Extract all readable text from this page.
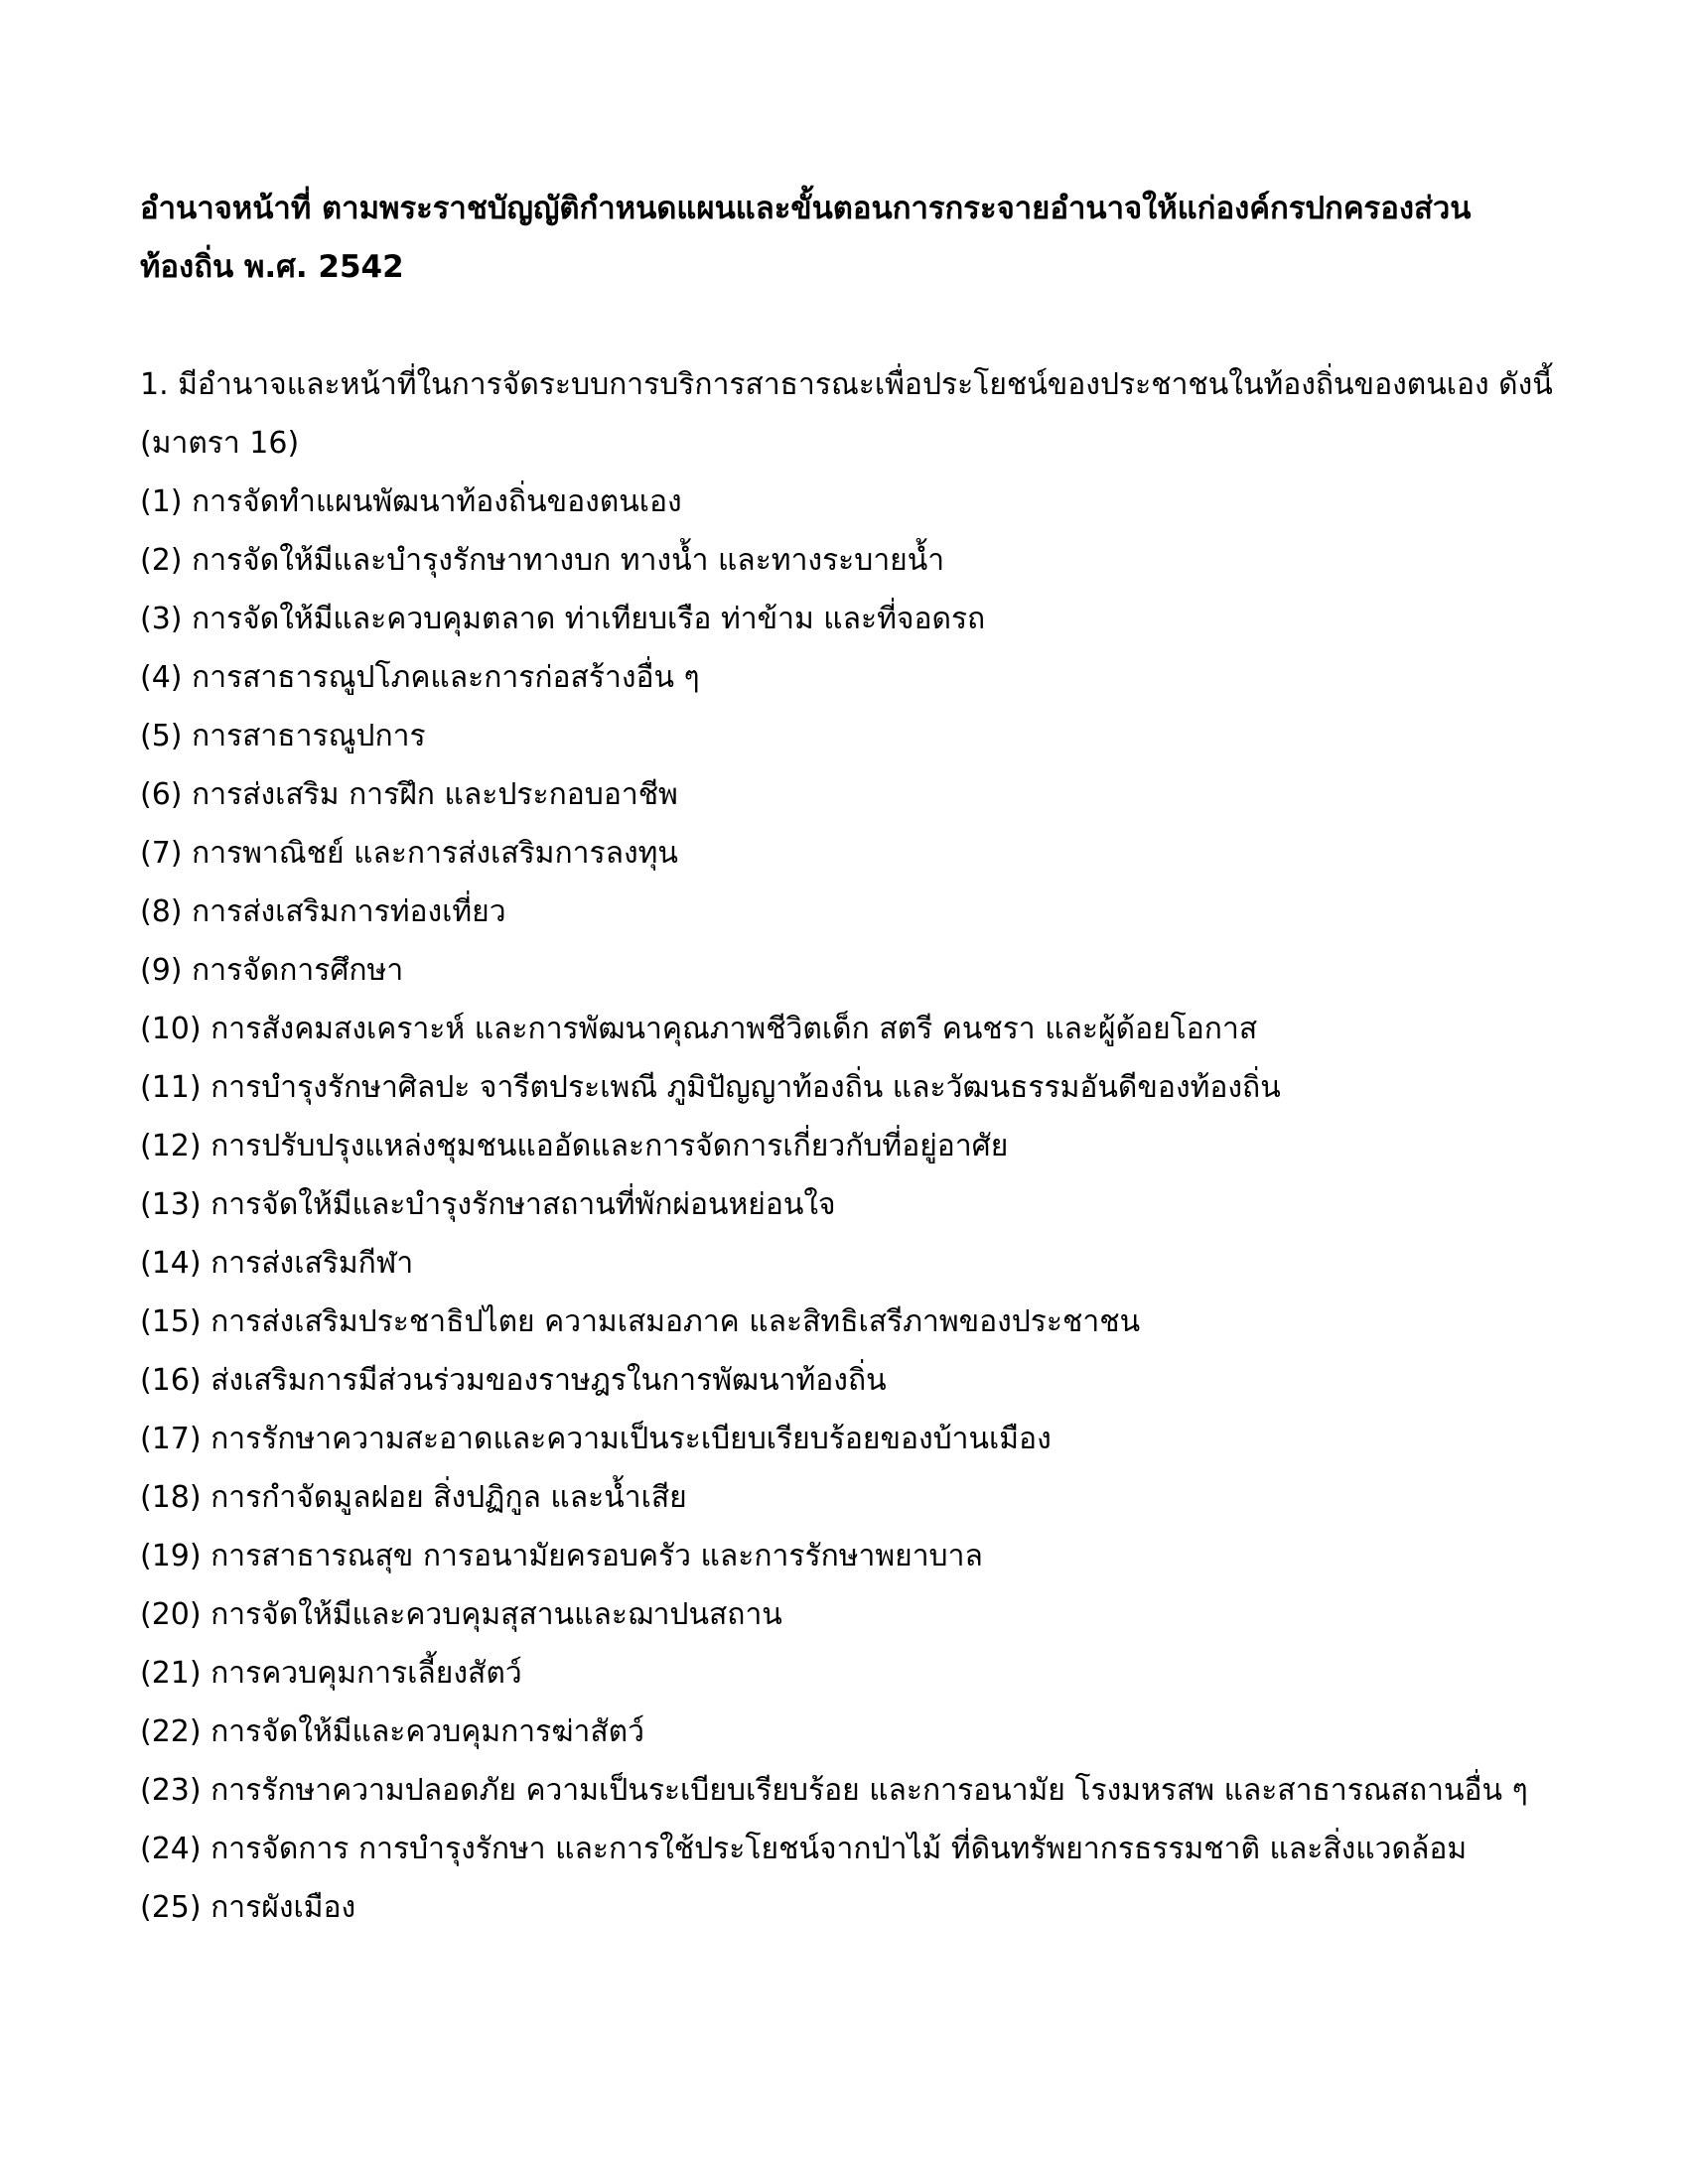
อำนาจหน้าที่ ตามพระราชบัญญัติกำหนดแผนและขั้นตอนการกระจายอำนาจให้แก่องค์กรปกครองส่วน
ท้องถิ่น พ.ศ. 2542
1. มีอำนาจและหน้าที่ในการจัดระบบการบริการสาธารณะเพื่อประโยชน์ของประชาชนในท้องถิ่นของตนเอง ดังนี้
(มาตรา 16)
(1) การจัดทำแผนพัฒนาท้องถิ่นของตนเอง
(2) การจัดให้มีและบำรุงรักษาทางบก ทางน้ำ และทางระบายน้ำ
(3) การจัดให้มีและควบคุมตลาด ท่าเทียบเรือ ท่าข้าม และที่จอดรถ
(4) การสาธารณูปโภคและการก่อสร้างอื่น ๆ
(5) การสาธารณูปการ
(6) การส่งเสริม การฝึก และประกอบอาชีพ
(7) การพาณิชย์ และการส่งเสริมการลงทุน
(8) การส่งเสริมการท่องเที่ยว
(9) การจัดการศึกษา
(10) การสังคมสงเคราะห์ และการพัฒนาคุณภาพชีวิตเด็ก สตรี คนชรา และผู้ด้อยโอกาส
(11) การบำรุงรักษาศิลปะ จารีตประเพณี ภูมิปัญญาท้องถิ่น และวัฒนธรรมอันดีของท้องถิ่น
(12) การปรับปรุงแหล่งชุมชนแออัดและการจัดการเกี่ยวกับที่อยู่อาศัย
(13) การจัดให้มีและบำรุงรักษาสถานที่พักผ่อนหย่อนใจ
(14) การส่งเสริมกีฬา
(15) การส่งเสริมประชาธิปไตย ความเสมอภาค และสิทธิเสรีภาพของประชาชน
(16) ส่งเสริมการมีส่วนร่วมของราษฎรในการพัฒนาท้องถิ่น
(17) การรักษาความสะอาดและความเป็นระเบียบเรียบร้อยของบ้านเมือง
(18) การกำจัดมูลฝอย สิ่งปฏิกูล และน้ำเสีย
(19) การสาธารณสุข การอนามัยครอบครัว และการรักษาพยาบาล
(20) การจัดให้มีและควบคุมสุสานและฌาปนสถาน
(21) การควบคุมการเลี้ยงสัตว์
(22) การจัดให้มีและควบคุมการฆ่าสัตว์
(23) การรักษาความปลอดภัย ความเป็นระเบียบเรียบร้อย และการอนามัย โรงมหรสพ และสาธารณสถานอื่น ๆ
(24) การจัดการ การบำรุงรักษา และการใช้ประโยชน์จากป่าไม้ ที่ดินทรัพยากรธรรมชาติ และสิ่งแวดล้อม
(25) การผังเมือง
